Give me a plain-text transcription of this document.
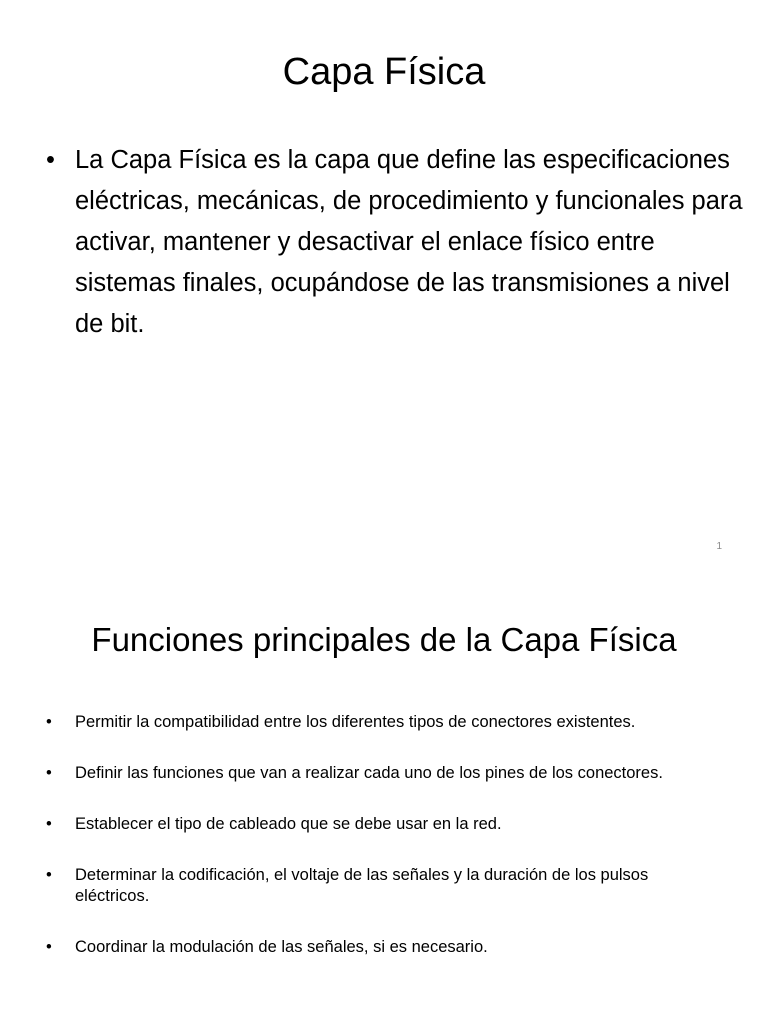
Capa Física
• La Capa Física es la capa que define las especificaciones eléctricas, mecánicas, de procedimiento y funcionales para activar, mantener y desactivar el enlace físico entre sistemas finales, ocupándose de las transmisiones a nivel de bit.
1
Funciones principales de la Capa Física
• Permitir la compatibilidad entre los diferentes tipos de conectores existentes.
• Definir las funciones que van a realizar cada uno de los pines de los conectores.
• Establecer el tipo de cableado que se debe usar en la red.
• Determinar la codificación, el voltaje de las señales y la duración de los pulsos eléctricos.
• Coordinar la modulación de las señales, si es necesario.
